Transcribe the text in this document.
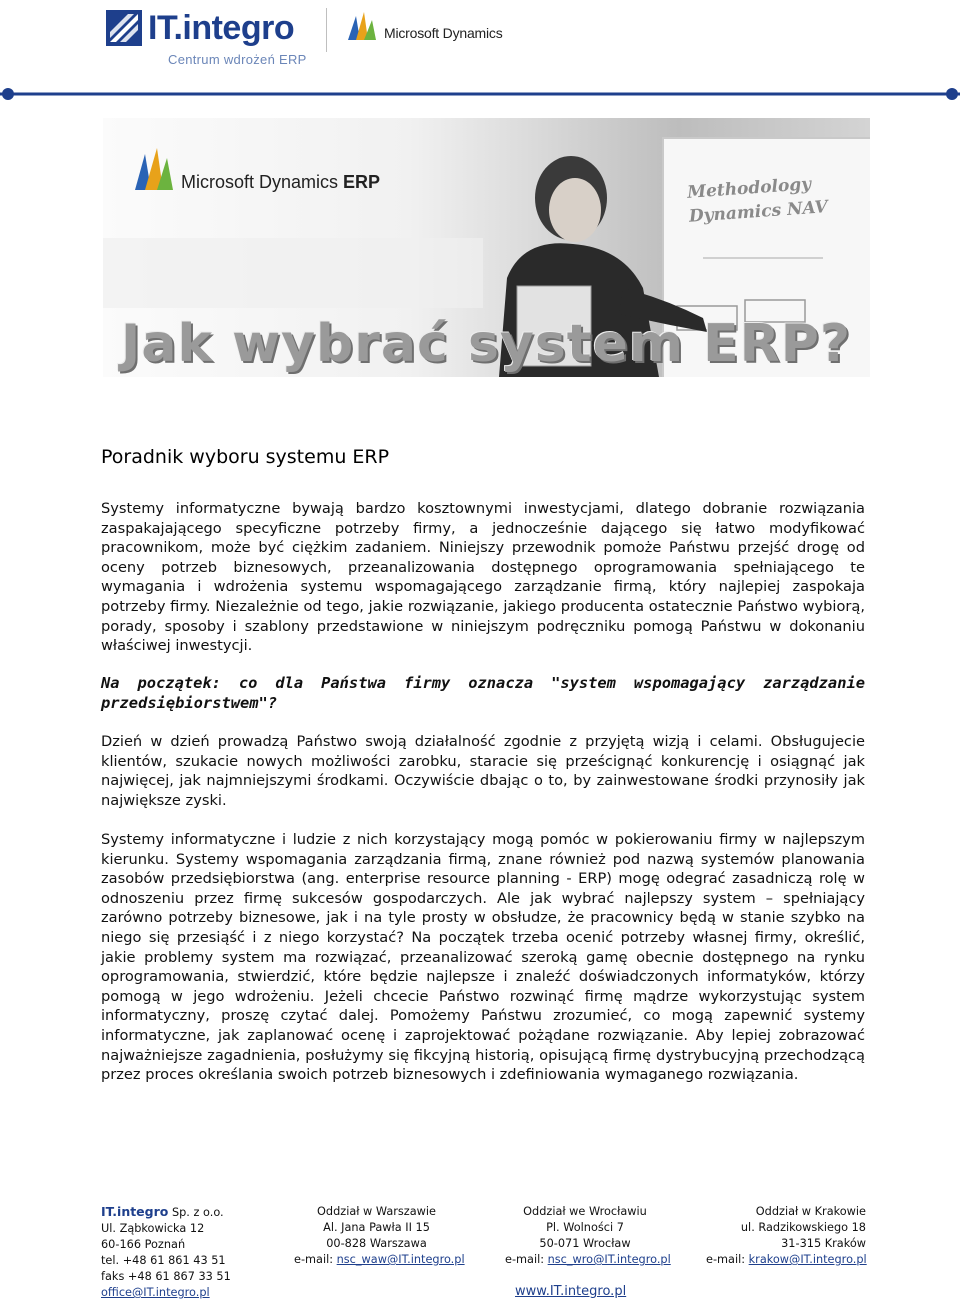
IT.integro
Centrum wdrożeń ERP
Microsoft Dynamics
Microsoft Dynamics ERP	Methodology
Dynamics NAV
Jak wybrać system ERP?
Poradnik wyboru systemu ERP

Systemy informatyczne bywają bardzo kosztownymi inwestycjami, dlatego dobranie rozwiązania zaspakajającego specyficzne potrzeby firmy, a jednocześnie dającego się łatwo modyfikować pracownikom, może być ciężkim zadaniem. Niniejszy przewodnik pomoże Państwu przejść drogę od oceny potrzeb biznesowych, przeanalizowania dostępnego oprogramowania spełniającego te wymagania i wdrożenia systemu wspomagającego zarządzanie firmą, który najlepiej zaspokaja potrzeby firmy. Niezależnie od tego, jakie rozwiązanie, jakiego producenta ostatecznie Państwo wybiorą, porady, sposoby i szablony przedstawione w niniejszym podręczniku pomogą Państwu w dokonaniu właściwej inwestycji.

Na początek: co dla Państwa firmy oznacza "system wspomagający zarządzanie przedsiębiorstwem"?

Dzień w dzień prowadzą Państwo swoją działalność zgodnie z przyjętą wizją i celami. Obsługujecie klientów, szukacie nowych możliwości zarobku, staracie się prześcignąć konkurencję i osiągnąć jak najwięcej, jak najmniejszymi środkami. Oczywiście dbając o to, by zainwestowane środki przynosiły jak największe zyski.

Systemy informatyczne i ludzie z nich korzystający mogą pomóc w pokierowaniu firmy w najlepszym kierunku. Systemy wspomagania zarządzania firmą, znane również pod nazwą systemów planowania zasobów przedsiębiorstwa (ang. enterprise resource planning - ERP) mogę odegrać zasadniczą rolę w odnoszeniu przez firmę sukcesów gospodarczych. Ale jak wybrać najlepszy system – spełniający zarówno potrzeby biznesowe, jak i na tyle prosty w obsłudze, że pracownicy będą w stanie szybko na niego się przesiąść i z niego korzystać? Na początek trzeba ocenić potrzeby własnej firmy, określić, jakie problemy system ma rozwiązać, przeanalizować szeroką gamę obecnie dostępnego na rynku oprogramowania, stwierdzić, które będzie najlepsze i znaleźć doświadczonych informatyków, którzy pomogą w jego wdrożeniu. Jeżeli chcecie Państwo rozwinąć firmę mądrze wykorzystując system informatyczny, proszę czytać dalej. Pomożemy Państwu zrozumieć, co mogą zapewnić systemy informatyczne, jak zaplanować ocenę i zaprojektować pożądane rozwiązanie. Aby lepiej zobrazować najważniejsze zagadnienia, posłużymy się fikcyjną historią, opisującą firmę dystrybucyjną przechodzącą przez proces określania swoich potrzeb biznesowych i zdefiniowania wymaganego rozwiązania.

IT.integro Sp. z o.o.
Ul. Ząbkowicka 12
60-166 Poznań
tel. +48 61 861 43 51
faks +48 61 867 33 51
office@IT.integro.pl
Oddział w Warszawie
Al. Jana Pawła II 15
00-828 Warszawa
e-mail: nsc_waw@IT.integro.pl
Oddział we Wrocławiu
Pl. Wolności 7
50-071 Wrocław
e-mail: nsc_wro@IT.integro.pl
Oddział w Krakowie
ul. Radzikowskiego 18
31-315 Kraków
e-mail: krakow@IT.integro.pl
www.IT.integro.pl
